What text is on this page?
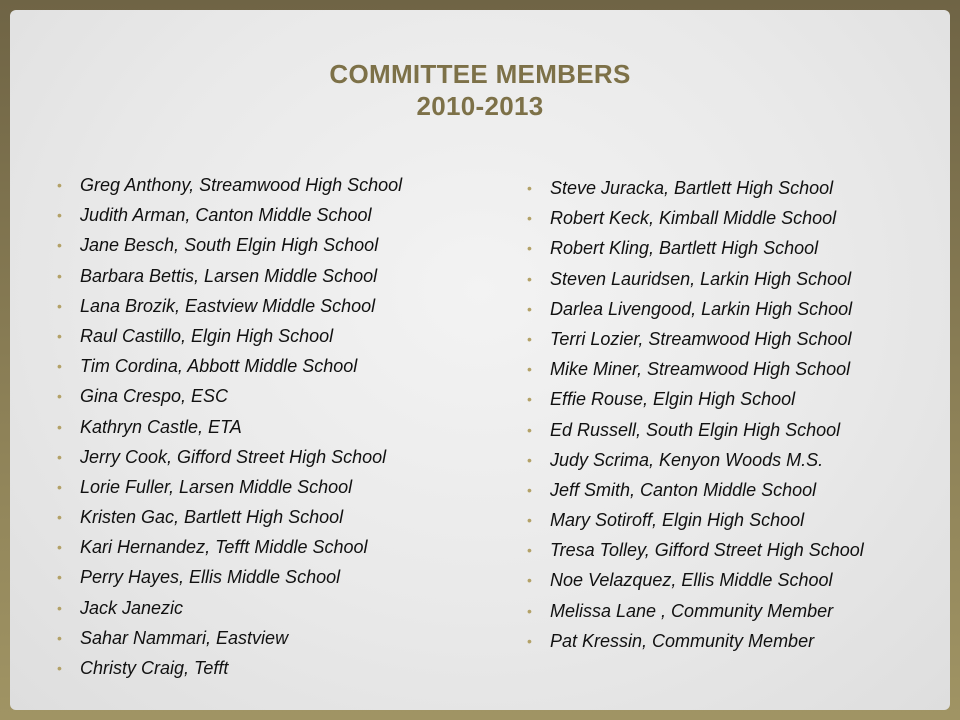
COMMITTEE MEMBERS
2010-2013
• Greg Anthony, Streamwood High School
• Judith Arman, Canton Middle School
• Jane Besch, South Elgin High School
• Barbara Bettis, Larsen Middle School
• Lana Brozik, Eastview Middle School
• Raul Castillo, Elgin High School
• Tim Cordina, Abbott Middle School
• Gina Crespo, ESC
• Kathryn Castle, ETA
• Jerry Cook, Gifford Street High School
• Lorie Fuller, Larsen Middle School
• Kristen Gac, Bartlett High School
• Kari Hernandez, Tefft Middle School
• Perry Hayes, Ellis Middle School
• Jack Janezic
• Sahar Nammari, Eastview
• Christy Craig, Tefft
• Steve Juracka, Bartlett High School
• Robert Keck, Kimball Middle School
• Robert Kling, Bartlett High School
• Steven Lauridsen, Larkin High School
• Darlea Livengood, Larkin High School
• Terri Lozier, Streamwood High School
• Mike Miner, Streamwood High School
• Effie Rouse, Elgin High School
• Ed Russell, South Elgin High School
• Judy Scrima, Kenyon Woods M.S.
• Jeff Smith, Canton Middle School
• Mary Sotiroff, Elgin High School
• Tresa Tolley, Gifford Street High School
• Noe Velazquez, Ellis Middle School
• Melissa Lane , Community Member
• Pat Kressin, Community Member
